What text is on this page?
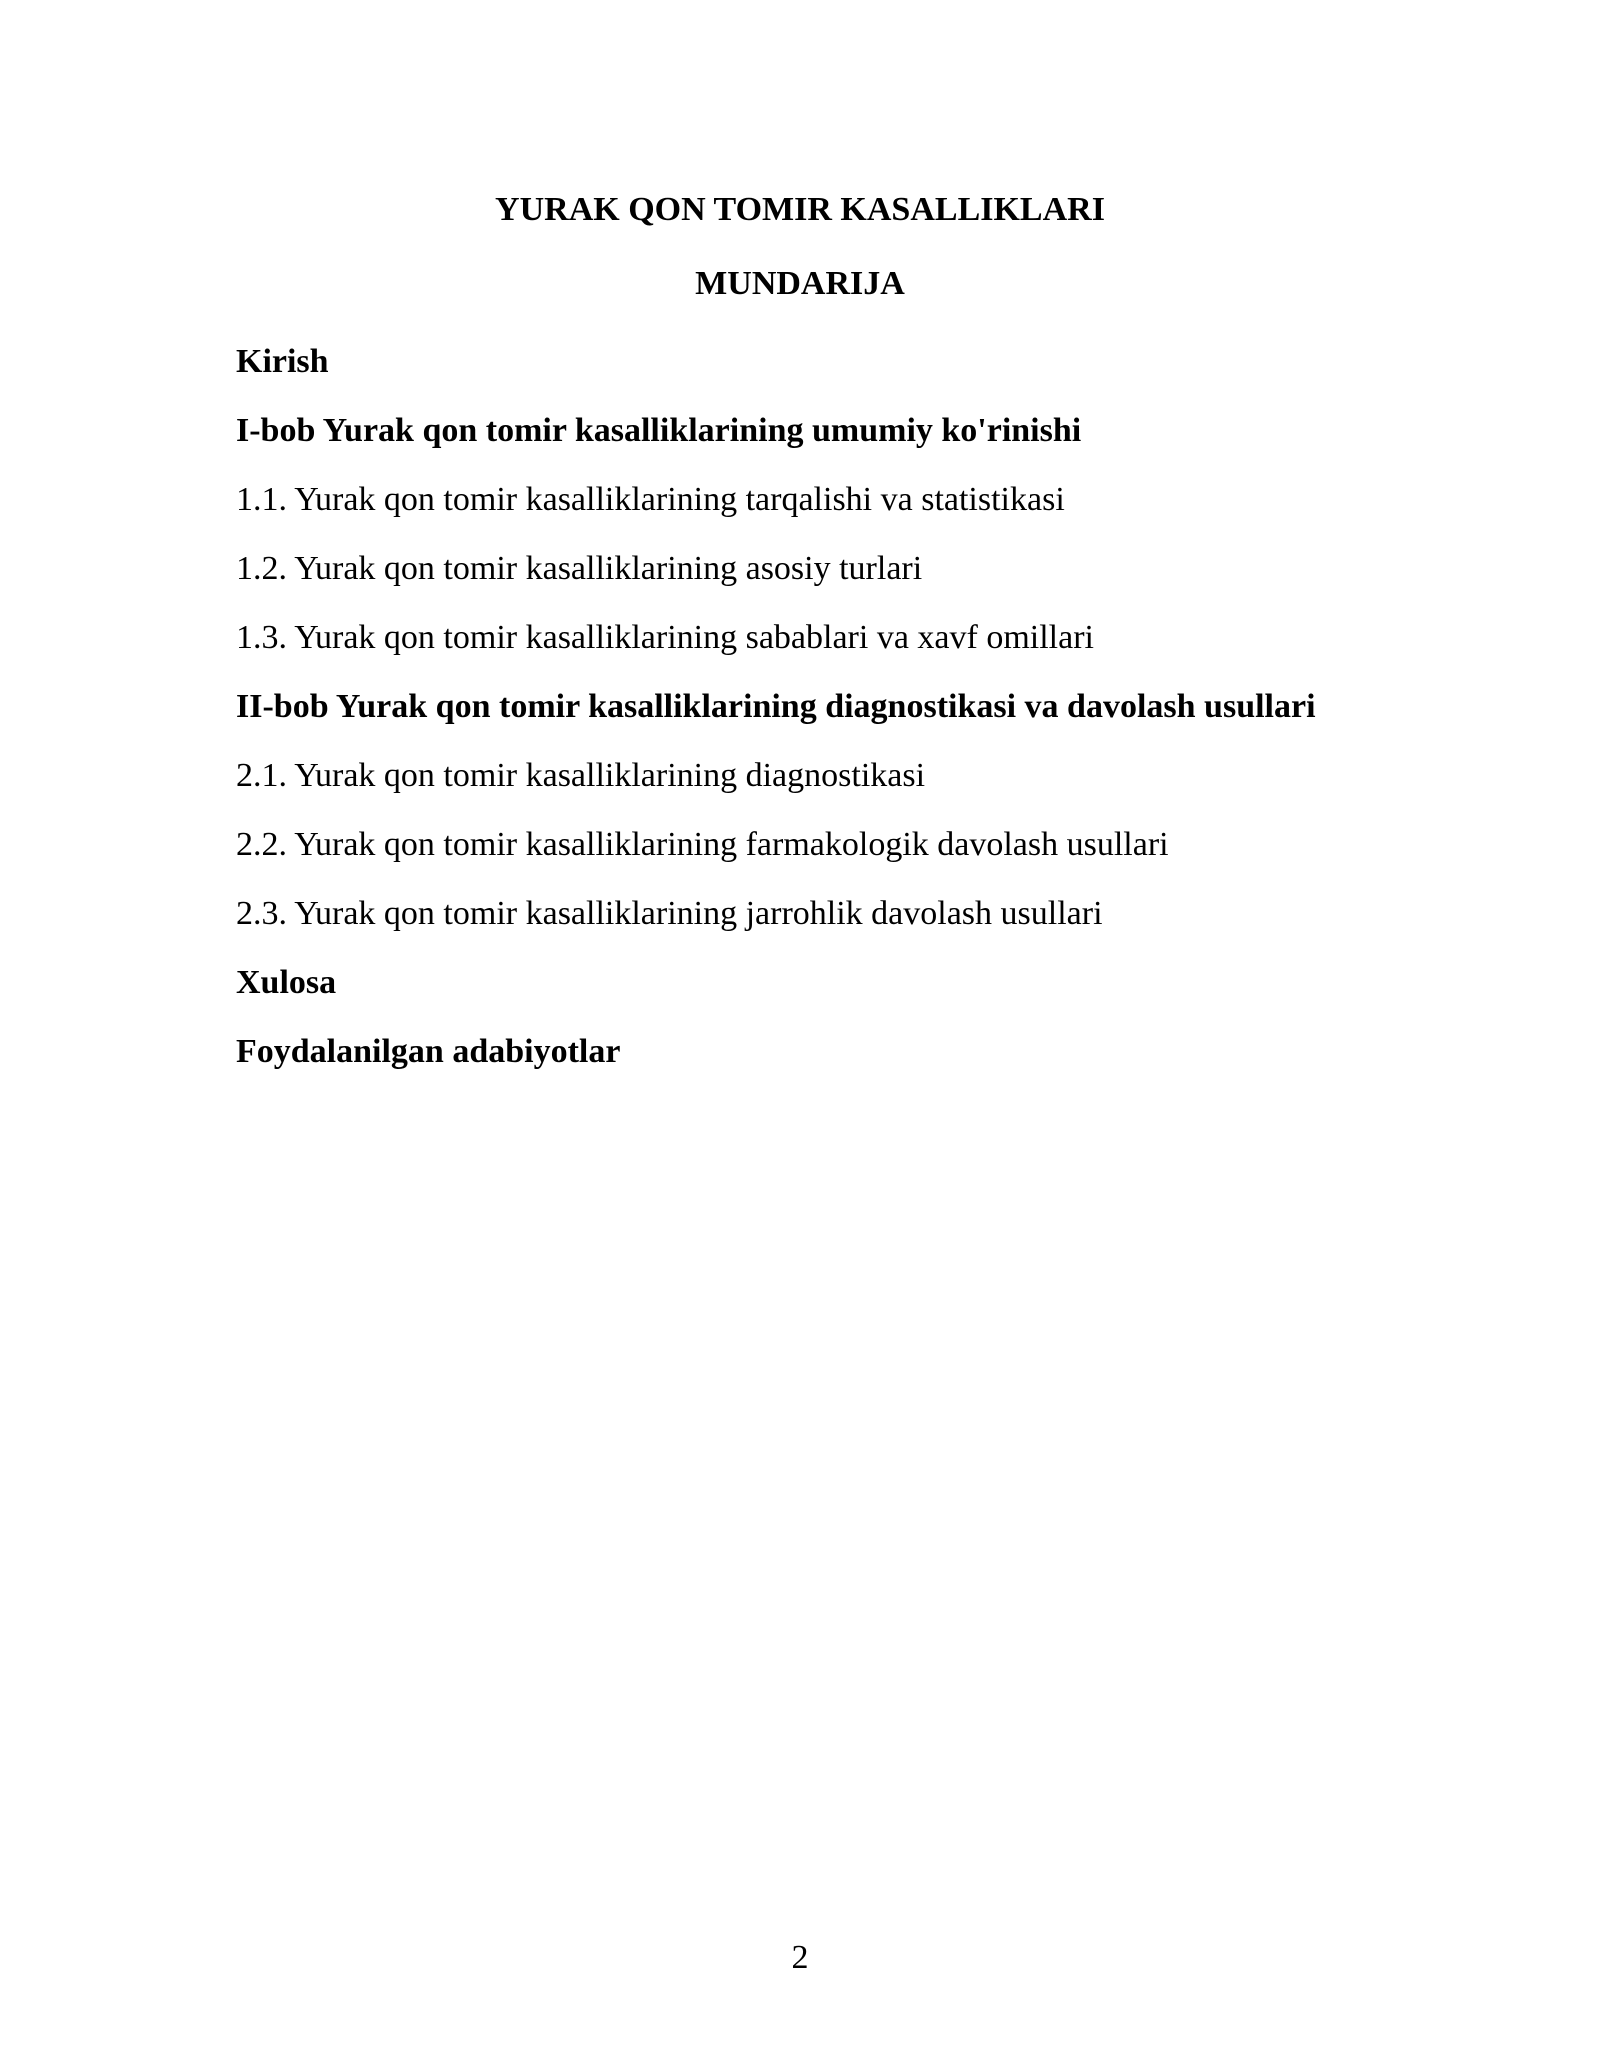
YURAK QON TOMIR KASALLIKLARI
MUNDARIJA
Kirish
I-bob Yurak qon tomir kasalliklarining umumiy ko'rinishi
1.1. Yurak qon tomir kasalliklarining tarqalishi va statistikasi
1.2. Yurak qon tomir kasalliklarining asosiy turlari
1.3. Yurak qon tomir kasalliklarining sabablari va xavf omillari
II-bob Yurak qon tomir kasalliklarining diagnostikasi va davolash usullari
2.1. Yurak qon tomir kasalliklarining diagnostikasi
2.2. Yurak qon tomir kasalliklarining farmakologik davolash usullari
2.3. Yurak qon tomir kasalliklarining jarrohlik davolash usullari
Xulosa
Foydalanilgan adabiyotlar
2
